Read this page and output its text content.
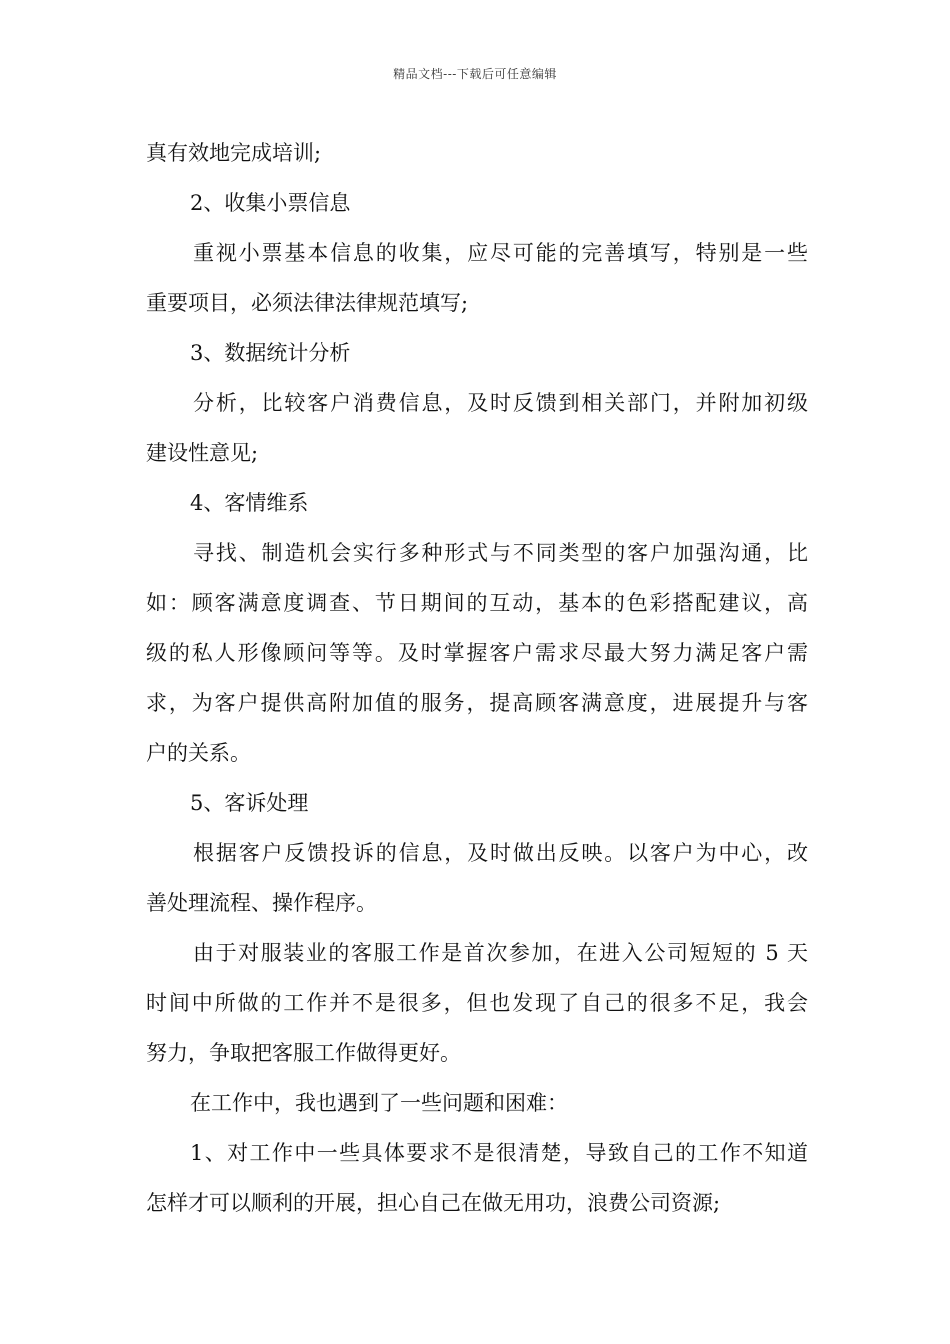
精品文档---下载后可任意编辑
真有效地完成培训;
2、收集小票信息
重视小票基本信息的收集，应尽可能的完善填写，特别是一些
重要项目，必须法律法律规范填写;
3、数据统计分析
分析，比较客户消费信息，及时反馈到相关部门，并附加初级
建设性意见;
4、客情维系
寻找、制造机会实行多种形式与不同类型的客户加强沟通，比
如：顾客满意度调查、节日期间的互动，基本的色彩搭配建议，高
级的私人形像顾问等等。及时掌握客户需求尽最大努力满足客户需
求，为客户提供高附加值的服务，提高顾客满意度，进展提升与客
户的关系。
5、客诉处理
根据客户反馈投诉的信息，及时做出反映。以客户为中心，改
善处理流程、操作程序。
由于对服装业的客服工作是首次参加，在进入公司短短的 5 天
时间中所做的工作并不是很多，但也发现了自己的很多不足，我会
努力，争取把客服工作做得更好。
在工作中，我也遇到了一些问题和困难：
1、对工作中一些具体要求不是很清楚，导致自己的工作不知道
怎样才可以顺利的开展，担心自己在做无用功，浪费公司资源;
